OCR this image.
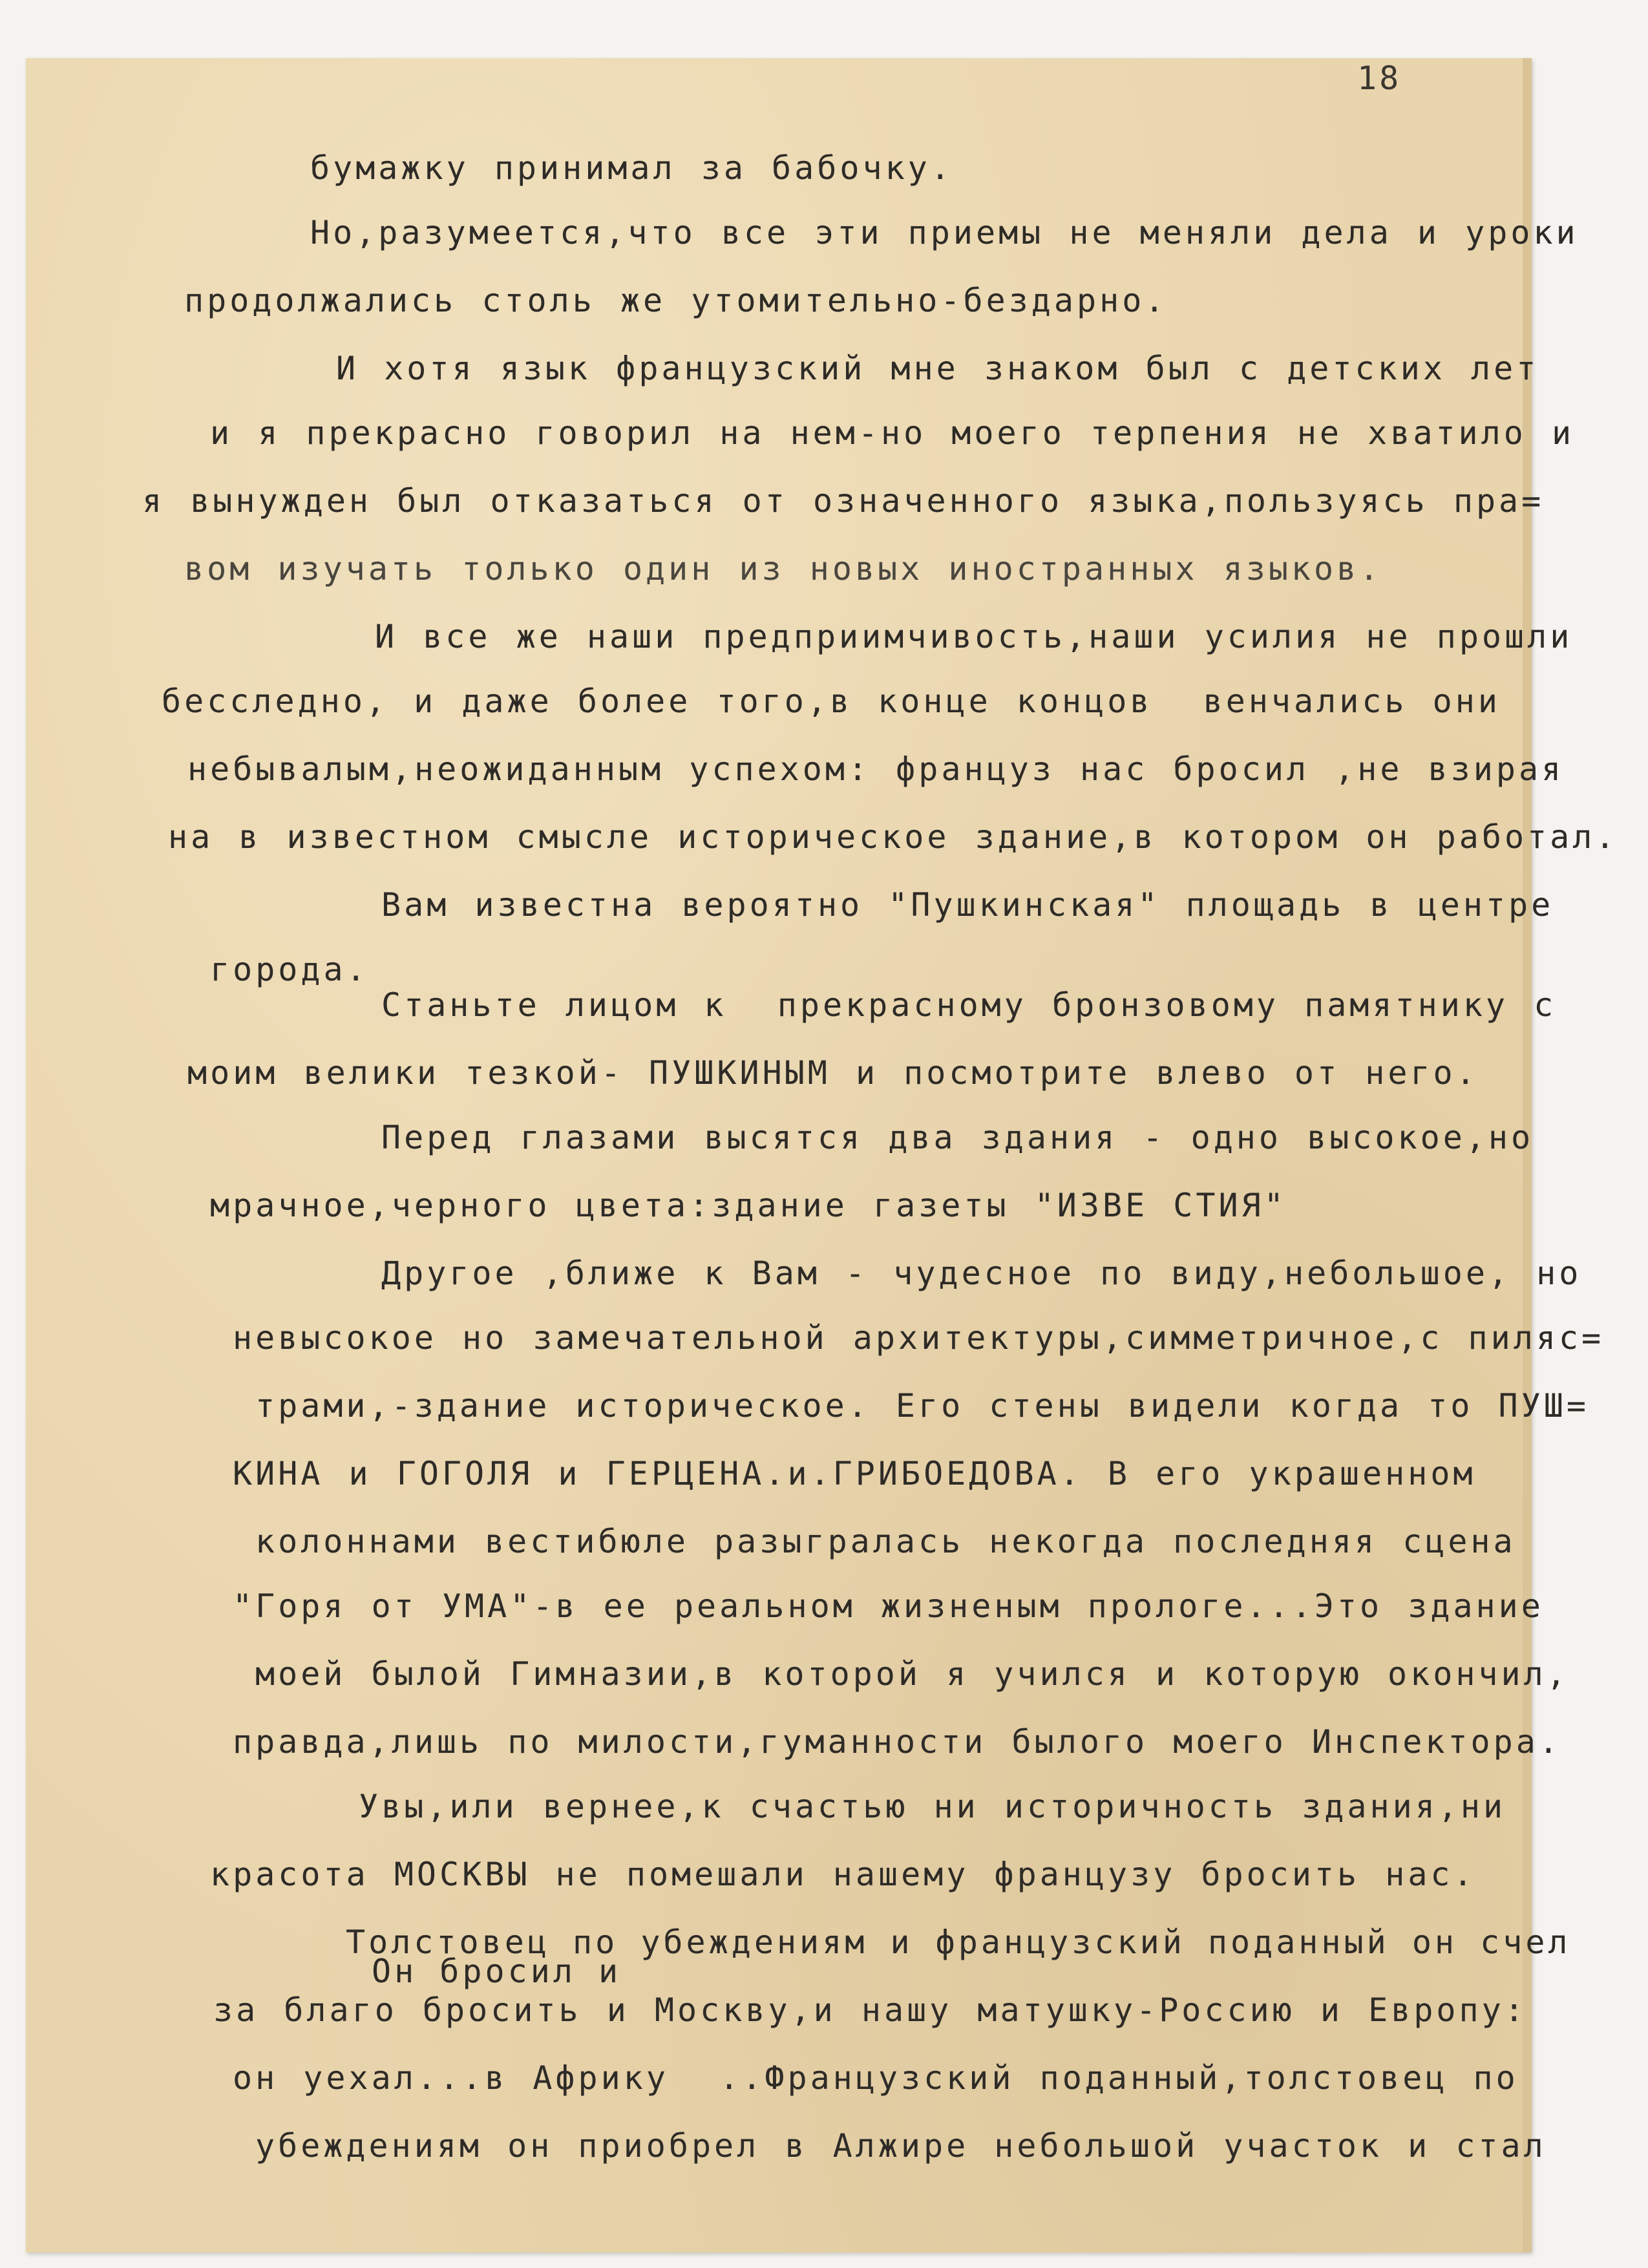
18
бумажку принимал за бабочку.
Но,разумеется,что все эти приемы не меняли дела и уроки
продолжались столь же утомительно-бездарно.
И хотя язык французский мне знаком был с детских лет
и я прекрасно говорил на нем-но моего терпения не хватило и
я вынужден был отказаться от означенного языка,пользуясь пра=
вом изучать только один из новых иностранных языков.
И все же наши предприимчивость,наши усилия не прошли
бесследно, и даже более того,в конце концов  венчались они
небывалым,неожиданным успехом: француз нас бросил ,не взирая
на в известном смысле историческое здание,в котором он работал.
Вам известна вероятно "Пушкинская" площадь в центре
города.
Станьте лицом к  прекрасному бронзовому памятнику с
моим велики тезкой- ПУШКИНЫМ и посмотрите влево от него.
Перед глазами высятся два здания - одно высокое,но
мрачное,черного цвета:здание газеты "ИЗВЕ СТИЯ"
Другое ,ближе к Вам - чудесное по виду,небольшое, но
невысокое но замечательной архитектуры,симметричное,с пиляс=
трами,-здание историческое. Его стены видели когда то ПУШ=
КИНА и ГОГОЛЯ и ГЕРЦЕНА.и.ГРИБОЕДОВА. В его украшенном
колоннами вестибюле разыгралась некогда последняя сцена
"Горя от УМА"-в ее реальном жизненым прологе...Это здание
моей былой Гимназии,в которой я учился и которую окончил,
правда,лишь по милости,гуманности былого моего Инспектора.
Увы,или вернее,к счастью ни историчность здания,ни
красота МОСКВЫ не помешали нашему французу бросить нас.
Толстовец по убеждениям и французский поданный он счел
Он бросил и
за благо бросить и Москву,и нашу матушку-Россию и Европу:
он уехал...в Африку  ..Французский поданный,толстовец по
убеждениям он приобрел в Алжире небольшой участок и стал
